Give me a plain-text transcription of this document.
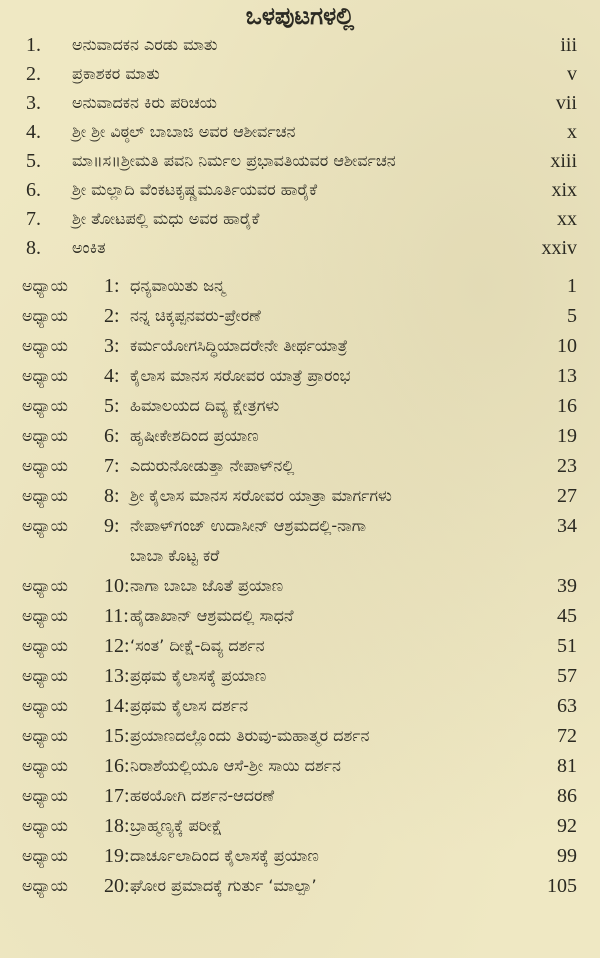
ಒಳಪುಟಗಳಲ್ಲಿ
1. ಅನುವಾದಕನ ಎರಡು ಮಾತು	iii
2. ಪ್ರಕಾಶಕರ ಮಾತು	v
3. ಅನುವಾದಕನ ಕಿರು ಪರಿಚಯ	vii
4. ಶ್ರೀ ಶ್ರೀ ವಿಠ್ಠಲ್ ಬಾಬಾಜಿ ಅವರ ಆಶೀರ್ವಚನ	x
5. ಮಾ॥ಸ॥ಶ್ರೀಮತಿ ಪವನಿ ನಿರ್ಮಲ ಪ್ರಭಾವತಿಯವರ ಆಶೀರ್ವಚನ	xiii
6. ಶ್ರೀ ಮಲ್ಲಾದಿ ವೆಂಕಟಕೃಷ್ಣಮೂರ್ತಿಯವರ ಹಾರೈಕೆ	xix
7. ಶ್ರೀ ತೋಟಪಲ್ಲಿ ಮಧು ಅವರ ಹಾರೈಕೆ	xx
8. ಅಂಕಿತ	xxiv
ಅಧ್ಯಾಯ 1: ಧನ್ಯವಾಯಿತು ಜನ್ಮ	1
ಅಧ್ಯಾಯ 2: ನನ್ನ ಚಿಕ್ಕಪ್ಪನವರು-ಪ್ರೇರಣೆ	5
ಅಧ್ಯಾಯ 3: ಕರ್ಮಯೋಗಸಿದ್ಧಿಯಾದರೇನೇ ತೀರ್ಥಯಾತ್ರೆ	10
ಅಧ್ಯಾಯ 4: ಕೈಲಾಸ ಮಾನಸ ಸರೋವರ ಯಾತ್ರೆ ಪ್ರಾರಂಭ	13
ಅಧ್ಯಾಯ 5: ಹಿಮಾಲಯದ ದಿವ್ಯ ಕ್ಷೇತ್ರಗಳು	16
ಅಧ್ಯಾಯ 6: ಹೃಷೀಕೇಶದಿಂದ ಪ್ರಯಾಣ	19
ಅಧ್ಯಾಯ 7: ಎದುರುನೋಡುತ್ತಾ ನೇಪಾಳ್‌ನಲ್ಲಿ	23
ಅಧ್ಯಾಯ 8: ಶ್ರೀ ಕೈಲಾಸ ಮಾನಸ ಸರೋವರ ಯಾತ್ರಾ ಮಾರ್ಗಗಳು	27
ಅಧ್ಯಾಯ 9: ನೇಪಾಳ್‌ಗಂಜ್ ಉದಾಸೀನ್ ಆಶ್ರಮದಲ್ಲಿ-ನಾಗಾ	34
ಬಾಬಾ ಕೊಟ್ಟ ಕರೆ
ಅಧ್ಯಾಯ 10: ನಾಗಾ ಬಾಬಾ ಜೊತೆ ಪ್ರಯಾಣ	39
ಅಧ್ಯಾಯ 11: ಹೈಡಾಖಾನ್ ಆಶ್ರಮದಲ್ಲಿ ಸಾಧನೆ	45
ಅಧ್ಯಾಯ 12: ‘ಸಂತ’ ದೀಕ್ಷೆ-ದಿವ್ಯ ದರ್ಶನ	51
ಅಧ್ಯಾಯ 13: ಪ್ರಥಮ ಕೈಲಾಸಕ್ಕೆ ಪ್ರಯಾಣ	57
ಅಧ್ಯಾಯ 14: ಪ್ರಥಮ ಕೈಲಾಸ ದರ್ಶನ	63
ಅಧ್ಯಾಯ 15: ಪ್ರಯಾಣದಲ್ಲೊಂದು ತಿರುವು-ಮಹಾತ್ಮರ ದರ್ಶನ	72
ಅಧ್ಯಾಯ 16: ನಿರಾಶೆಯಲ್ಲಿಯೂ ಆಸೆ-ಶ್ರೀ ಸಾಯಿ ದರ್ಶನ	81
ಅಧ್ಯಾಯ 17: ಹಠಯೋಗಿ ದರ್ಶನ-ಆದರಣೆ	86
ಅಧ್ಯಾಯ 18: ಬ್ರಾಹ್ಮಣ್ಯಕ್ಕೆ ಪರೀಕ್ಷೆ	92
ಅಧ್ಯಾಯ 19: ದಾರ್ಚೂಲಾದಿಂದ ಕೈಲಾಸಕ್ಕೆ ಪ್ರಯಾಣ	99
ಅಧ್ಯಾಯ 20: ಘೋರ ಪ್ರಮಾದಕ್ಕೆ ಗುರ್ತು ‘ಮಾಲ್ಪಾ’	105
